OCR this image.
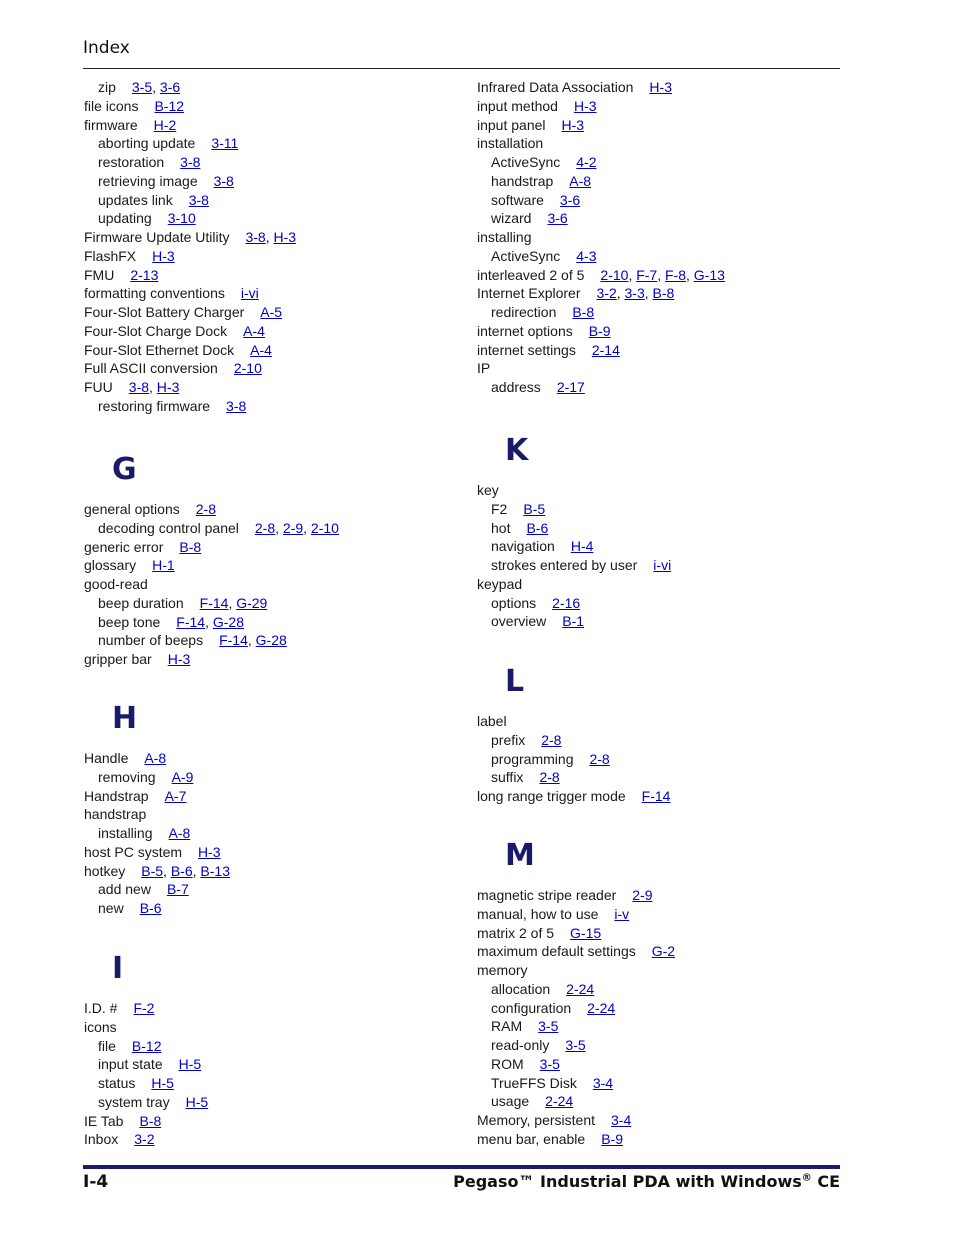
Index
zip 3-5, 3-6
file icons B-12
firmware H-2
aborting update 3-11
restoration 3-8
retrieving image 3-8
updates link 3-8
updating 3-10
Firmware Update Utility 3-8, H-3
FlashFX H-3
FMU 2-13
formatting conventions i-vi
Four-Slot Battery Charger A-5
Four-Slot Charge Dock A-4
Four-Slot Ethernet Dock A-4
Full ASCII conversion 2-10
FUU 3-8, H-3
restoring firmware 3-8
G
general options 2-8
decoding control panel 2-8, 2-9, 2-10
generic error B-8
glossary H-1
good-read
beep duration F-14, G-29
beep tone F-14, G-28
number of beeps F-14, G-28
gripper bar H-3
H
Handle A-8
removing A-9
Handstrap A-7
handstrap
installing A-8
host PC system H-3
hotkey B-5, B-6, B-13
add new B-7
new B-6
I
I.D. # F-2
icons
file B-12
input state H-5
status H-5
system tray H-5
IE Tab B-8
Inbox 3-2
Infrared Data Association H-3
input method H-3
input panel H-3
installation
ActiveSync 4-2
handstrap A-8
software 3-6
wizard 3-6
installing
ActiveSync 4-3
interleaved 2 of 5 2-10, F-7, F-8, G-13
Internet Explorer 3-2, 3-3, B-8
redirection B-8
internet options B-9
internet settings 2-14
IP
address 2-17
K
key
F2 B-5
hot B-6
navigation H-4
strokes entered by user i-vi
keypad
options 2-16
overview B-1
L
label
prefix 2-8
programming 2-8
suffix 2-8
long range trigger mode F-14
M
magnetic stripe reader 2-9
manual, how to use i-v
matrix 2 of 5 G-15
maximum default settings G-2
memory
allocation 2-24
configuration 2-24
RAM 3-5
read-only 3-5
ROM 3-5
TrueFFS Disk 3-4
usage 2-24
Memory, persistent 3-4
menu bar, enable B-9
I-4	Pegaso™ Industrial PDA with Windows® CE
